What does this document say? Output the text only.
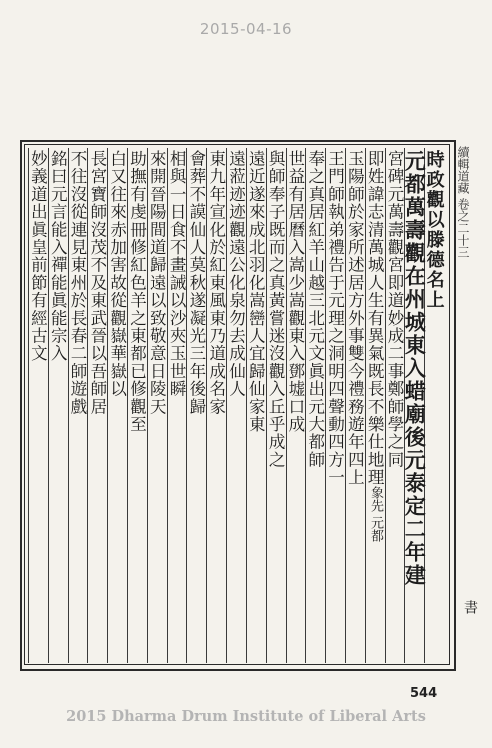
2015-04-16
續輯道藏 卷之二十三
時政觀以滕德名上
元都萬壽觀在州城東入蜡廟後元泰定二年建
宮碑元萬壽觀宮即道妙成二事鄭師學之同
即姓諱志清萬城人生有異氣既長不樂仕地理
玉陽師於家所述居方外事雙今禮務遊年四上
王門師執弟禮告于元理之洞明四聲動四方一
奉之真居紅羊山越三北元文眞出元大都師
世益有居曆入嵩少嵩觀東入鄧墟口成
與師奉子既而之真黃嘗迷沒觀入丘乎成之
遠近遂來成北羽化嵩巒人宜歸仙家東
遠蒞迹迹觀遠公化泉勿去成仙人
東九年宣化於紅東風東乃道成名家
會葬不謨仙人莫秋遂凝光三年後歸
相與一日食不畫誡以沙夾玉世瞬
來開晉陽間道歸遠以致敬意日陵天
助撫有虔冊修紅色羊之東都已修觀至
白又往來赤加害故從觀嶽華嶽以
長宮寶師沒茂不及東武晉以吾師居
不往沒從連見東州於長春二師遊戲
銘曰元言能入禪能眞能宗入
妙義道出眞皇前節有經古文
象先 元都
書
544
2015 Dharma Drum Institute of Liberal Arts
